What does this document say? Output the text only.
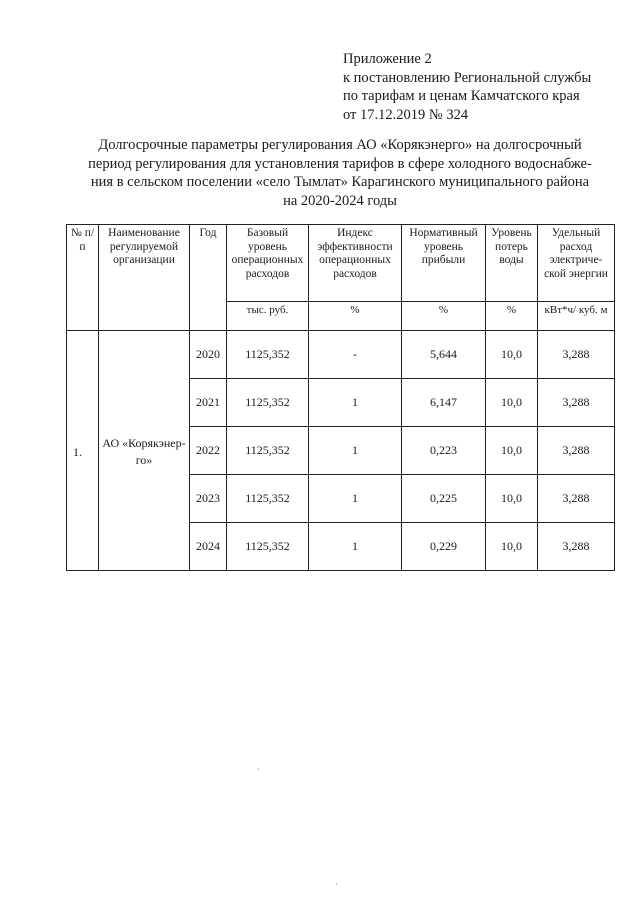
Приложение 2
к постановлению Региональной службы
по тарифам и ценам Камчатского края
от 17.12.2019 № 324
Долгосрочные параметры регулирования АО «Корякэнерго» на долгосрочный
период регулирования для установления тарифов в сфере холодного водоснабже-
ния в сельском поселении «село Тымлат» Карагинского муниципального района
на 2020-2024 годы
№ п/п	Наименование регулируемой организации	Год	Базовый уровень операционных расходов	Индекс эффективности операционных расходов	Нормативный уровень прибыли	Уровень потерь воды	Удельный расход электриче-ской энергии
			тыс. руб.	%	%	%	кВт*ч/ куб. м
1.	АО «Корякэнер-го»	2020	1125,352	-	5,644	10,0	3,288
		2021	1125,352	1	6,147	10,0	3,288
		2022	1125,352	1	0,223	10,0	3,288
		2023	1125,352	1	0,225	10,0	3,288
		2024	1125,352	1	0,229	10,0	3,288
